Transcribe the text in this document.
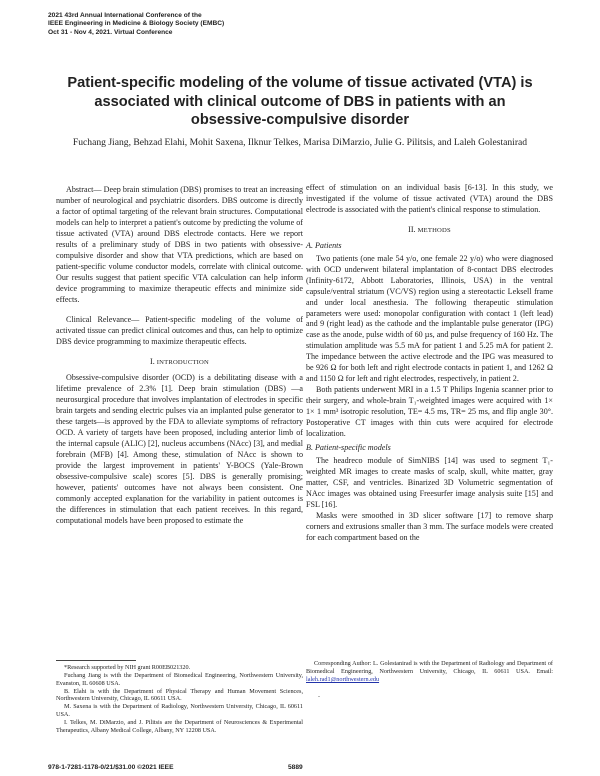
2021 43rd Annual International Conference of the
IEEE Engineering in Medicine & Biology Society (EMBC)
Oct 31 - Nov 4, 2021. Virtual Conference
Patient-specific modeling of the volume of tissue activated (VTA) is associated with clinical outcome of DBS in patients with an obsessive-compulsive disorder
Fuchang Jiang, Behzad Elahi, Mohit Saxena, Ilknur Telkes, Marisa DiMarzio, Julie G. Pilitsis, and Laleh Golestanirad

Abstract— Deep brain stimulation (DBS) promises to treat an increasing number of neurological and psychiatric disorders. DBS outcome is directly a factor of optimal targeting of the relevant brain structures. Computational models can help to interpret a patient's outcome by predicting the volume of tissue activated (VTA) around DBS electrode contacts. Here we report results of a preliminary study of DBS in two patients with obsessive-compulsive disorder and show that VTA predictions, which are based on patient-specific volume conductor models, correlate with clinical outcome. Our results suggest that patient specific VTA calculation can help inform device programming to maximize therapeutic effects and minimize side effects.

Clinical Relevance— Patient-specific modeling of the volume of activated tissue can predict clinical outcomes and thus, can help to optimize DBS device programming to maximize therapeutic effects.

I. INTRODUCTION

Obsessive-compulsive disorder (OCD) is a debilitating disease with a lifetime prevalence of 2.3% [1]. Deep brain stimulation (DBS) —a neurosurgical procedure that involves implantation of electrodes in specific brain targets and sending electric pulses via an implanted pulse generator to these targets—is approved by the FDA to alleviate symptoms of refractory OCD. A variety of targets have been proposed, including anterior limb of the internal capsule (ALIC) [2], nucleus accumbens (NAcc) [3], and medial forebrain (MFB) [4]. Among these, stimulation of NAcc is shown to provide the largest improvement in patients' Y-BOCS (Yale-Brown obsessive-compulsive scale) scores [5]. DBS is generally promising; however, patients' outcomes have not always been consistent. One commonly accepted explanation for the variability in patient outcomes is the differences in stimulation that each patient receives. In this regard, computational models have been proposed to estimate the

effect of stimulation on an individual basis [6-13]. In this study, we investigated if the volume of tissue activated (VTA) around the DBS electrode is associated with the patient's clinical response to stimulation.

II. METHODS

A. Patients

Two patients (one male 54 y/o, one female 22 y/o) who were diagnosed with OCD underwent bilateral implantation of 8-contact DBS electrodes (Infinity-6172, Abbott Laboratories, Illinois, USA) in the ventral capsule/ventral striatum (VC/VS) region using a stereotactic Leksell frame and under local anesthesia. The following therapeutic stimulation parameters were used: monopolar configuration with contact 1 (left lead) and 9 (right lead) as the cathode and the implantable pulse generator (IPG) case as the anode, pulse width of 60 µs, and pulse frequency of 160 Hz. The stimulation amplitude was 5.5 mA for patient 1 and 5.25 mA for patient 2. The impedance between the active electrode and the IPG was measured to be 926 Ω for both left and right electrode contacts in patient 1, and 1262 Ω and 1150 Ω for left and right electrodes, respectively, in patient 2.

Both patients underwent MRI in a 1.5 T Philips Ingenia scanner prior to their surgery, and whole-brain T₁-weighted images were acquired with 1× 1× 1 mm³ isotropic resolution, TE= 4.5 ms, TR= 25 ms, and flip angle 30°. Postoperative CT images with thin cuts were acquired for electrode localization.

B. Patient-specific models

The headreco module of SimNIBS [14] was used to segment T₁-weighted MR images to create masks of scalp, skull, white matter, gray matter, CSF, and ventricles. Binarized 3D Volumetric segmentation of NAcc images was obtained using Freesurfer image analysis suite [15] and FSL [16].

Masks were smoothed in 3D slicer software [17] to remove sharp corners and extrusions smaller than 3 mm. The surface models were created for each compartment based on the

*Research supported by NIH grant R00EB021320.

Fuchang Jiang is with the Department of Biomedical Engineering, Northwestern University, Evanston, IL 60608 USA.

B. Elahi is with the Department of Physical Therapy and Human Movement Sciences, Northwestern University, Chicago, IL 60611 USA.

M. Saxena is with the Department of Radiology, Northwestern University, Chicago, IL 60611 USA.

I. Telkes, M. DiMarzio, and J. Pilitsis are the Department of Neurosciences & Experimental Therapeutics, Albany Medical College, Albany, NY 12208 USA.

Corresponding Author: L. Golestanirad is with the Department of Radiology and Department of Biomedical Engineering, Northwestern University, Chicago, IL 60611 USA. Email: laleh.rad1@northwestern.edu

.
978-1-7281-1178-0/21/$31.00 ©2021 IEEE	5889
